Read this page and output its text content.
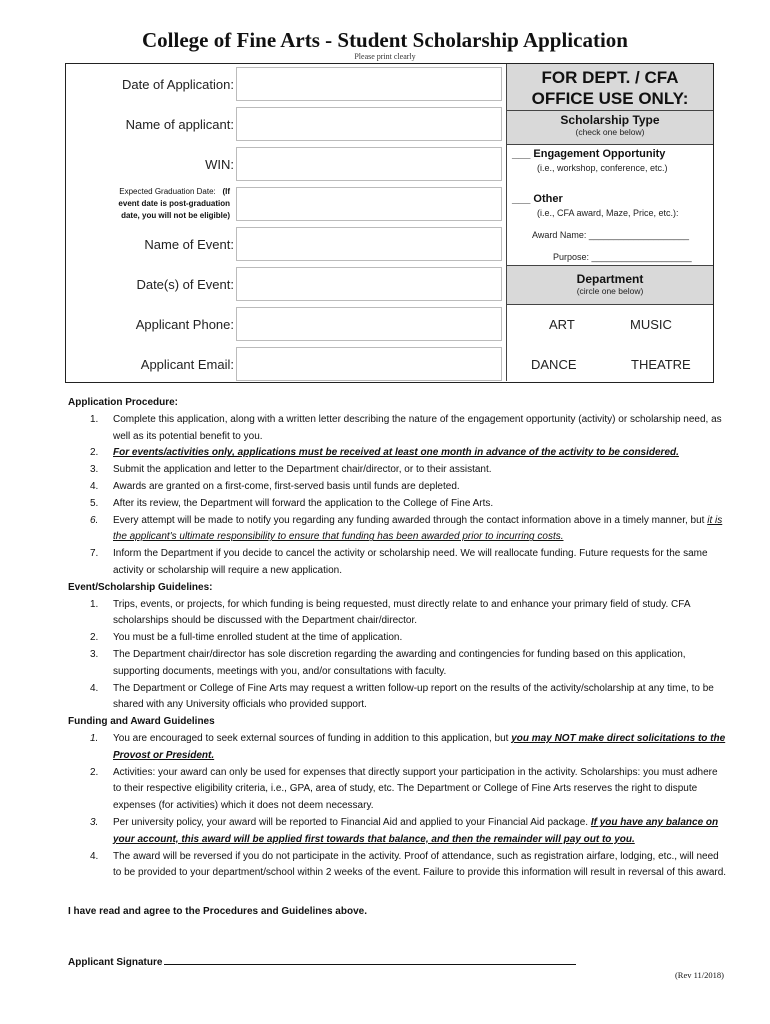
College of Fine Arts - Student Scholarship Application
Please print clearly
Date of Application:
Name of applicant:
WIN:
Expected Graduation Date: (If
event date is post-graduation
date, you will not be eligible)
Name of Event:
Date(s) of Event:
Applicant Phone:
Applicant Email:
FOR DEPT. / CFA
OFFICE USE ONLY:
Scholarship Type
(check one below)
___ Engagement Opportunity
(i.e., workshop, conference, etc.)
___ Other
(i.e., CFA award, Maze, Price, etc.):
Award Name: ____________________
Purpose: ____________________
Department
(circle one below)
ART	MUSIC
DANCE	THEATRE
Application Procedure:
1. Complete this application, along with a written letter describing the nature of the engagement opportunity (activity) or scholarship need, as well as its potential benefit to you.
2. For events/activities only, applications must be received at least one month in advance of the activity to be considered.
3. Submit the application and letter to the Department chair/director, or to their assistant.
4. Awards are granted on a first-come, first-served basis until funds are depleted.
5. After its review, the Department will forward the application to the College of Fine Arts.
6. Every attempt will be made to notify you regarding any funding awarded through the contact information above in a timely manner, but it is the applicant's ultimate responsibility to ensure that funding has been awarded prior to incurring costs.
7. Inform the Department if you decide to cancel the activity or scholarship need. We will reallocate funding. Future requests for the same activity or scholarship will require a new application.
Event/Scholarship Guidelines:
1. Trips, events, or projects, for which funding is being requested, must directly relate to and enhance your primary field of study. CFA scholarships should be discussed with the Department chair/director.
2. You must be a full-time enrolled student at the time of application.
3. The Department chair/director has sole discretion regarding the awarding and contingencies for funding based on this application, supporting documents, meetings with you, and/or consultations with faculty.
4. The Department or College of Fine Arts may request a written follow-up report on the results of the activity/scholarship at any time, to be shared with any University officials who provided support.
Funding and Award Guidelines
1. You are encouraged to seek external sources of funding in addition to this application, but you may NOT make direct solicitations to the Provost or President.
2. Activities: your award can only be used for expenses that directly support your participation in the activity. Scholarships: you must adhere to their respective eligibility criteria, i.e., GPA, area of study, etc. The Department or College of Fine Arts reserves the right to dispute expenses (for activities) which it does not deem necessary.
3. Per university policy, your award will be reported to Financial Aid and applied to your Financial Aid package. If you have any balance on your account, this award will be applied first towards that balance, and then the remainder will pay out to you.
4. The award will be reversed if you do not participate in the activity. Proof of attendance, such as registration airfare, lodging, etc., will need to be provided to your department/school within 2 weeks of the event. Failure to provide this information will result in reversal of this award.
I have read and agree to the Procedures and Guidelines above.
Applicant Signature
(Rev 11/2018)
